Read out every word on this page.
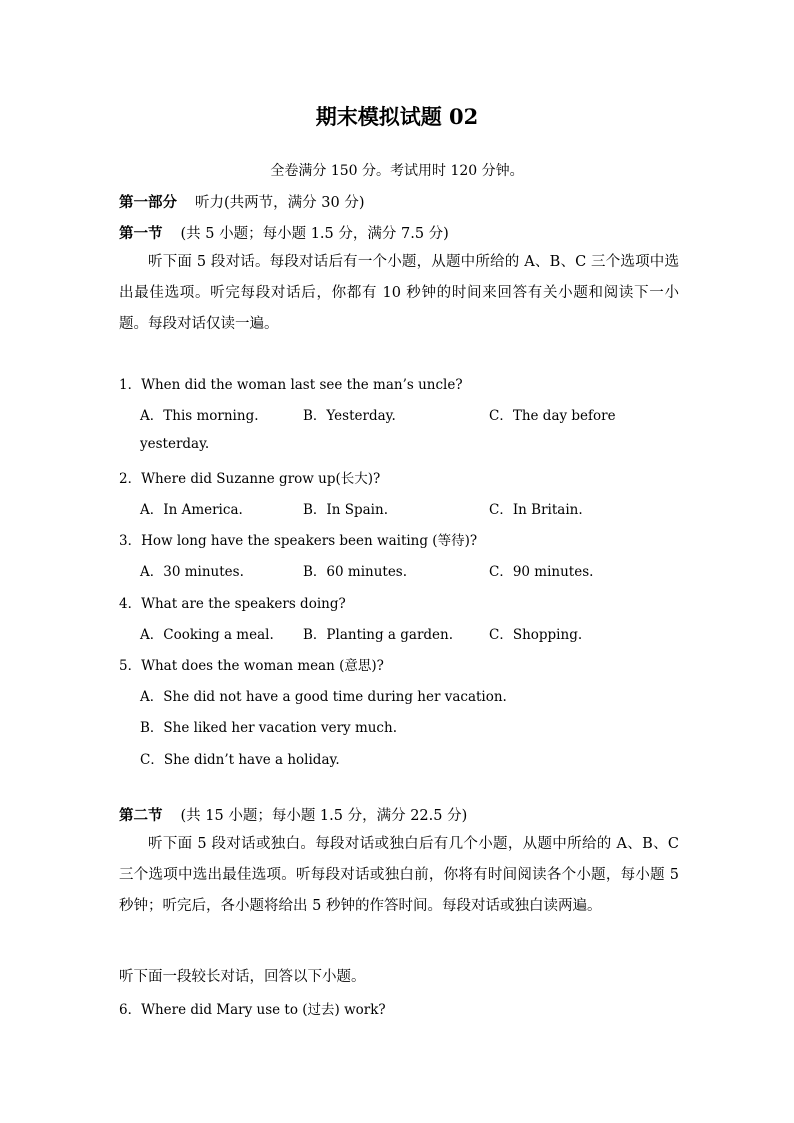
期末模拟试题 02
全卷满分 150 分。考试用时 120 分钟。
第一部分 听力(共两节，满分 30 分)
第一节 (共 5 小题；每小题 1.5 分，满分 7.5 分)

听下面 5 段对话。每段对话后有一个小题，从题中所给的 A、B、C 三个选项中选出最佳选项。听完每段对话后，你都有 10 秒钟的时间来回答有关小题和阅读下一小题。每段对话仅读一遍。

1．When did the woman last see the man’s uncle?
A．This morning.	B．Yesterday.	C．The day before
yesterday.
2．Where did Suzanne grow up(长大)?
A．In America.	B．In Spain.	C．In Britain.
3．How long have the speakers been waiting (等待)?
A．30 minutes.	B．60 minutes.	C．90 minutes.
4．What are the speakers doing?
A．Cooking a meal. B．Planting a garden.	C．Shopping.
5．What does the woman mean (意思)?
A．She did not have a good time during her vacation.
B．She liked her vacation very much.
C．She didn’t have a holiday.
第二节 (共 15 小题；每小题 1.5 分，满分 22.5 分)

听下面 5 段对话或独白。每段对话或独白后有几个小题，从题中所给的 A、B、C 三个选项中选出最佳选项。听每段对话或独白前，你将有时间阅读各个小题，每小题 5 秒钟；听完后，各小题将给出 5 秒钟的作答时间。每段对话或独白读两遍。

听下面一段较长对话，回答以下小题。
6．Where did Mary use to (过去) work?
